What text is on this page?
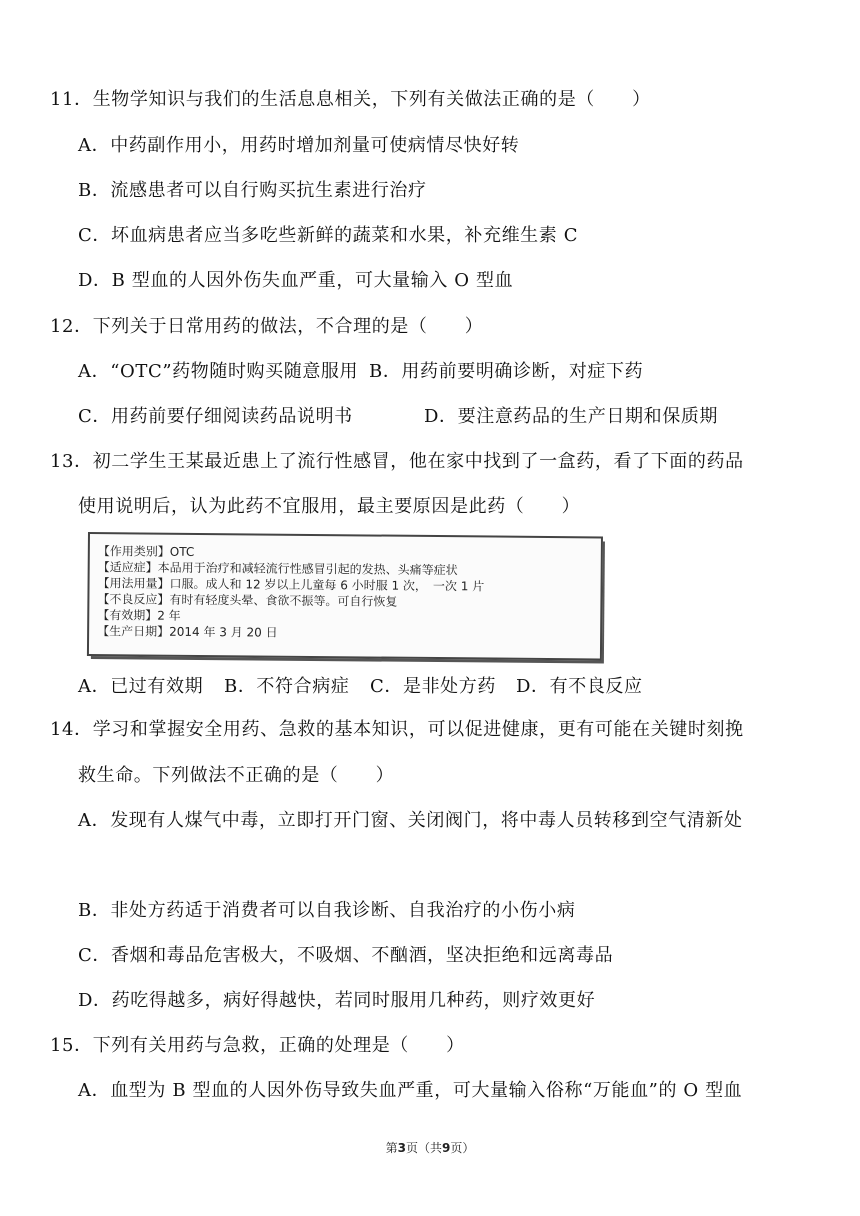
11．生物学知识与我们的生活息息相关，下列有关做法正确的是（　　）
A．中药副作用小，用药时增加剂量可使病情尽快好转
B．流感患者可以自行购买抗生素进行治疗
C．坏血病患者应当多吃些新鲜的蔬菜和水果，补充维生素 C
D．B 型血的人因外伤失血严重，可大量输入 O 型血
12．下列关于日常用药的做法，不合理的是（　　）
A．“OTC”药物随时购买随意服用 B．用药前要明确诊断，对症下药
C．用药前要仔细阅读药品说明书	D．要注意药品的生产日期和保质期
13．初二学生王某最近患上了流行性感冒，他在家中找到了一盒药，看了下面的药品
使用说明后，认为此药不宜服用，最主要原因是此药（　　）
【作用类别】OTC
【适应症】本品用于治疗和减轻流行性感冒引起的发热、头痛等症状
【用法用量】口服。成人和 12 岁以上儿童每 6 小时服 1 次，　一次 1 片
【不良反应】有时有轻度头晕、食欲不振等。可自行恢复
【有效期】2 年
【生产日期】2014 年 3 月 20 日
A．已过有效期 B．不符合病症 C．是非处方药 D．有不良反应
14．学习和掌握安全用药、急救的基本知识，可以促进健康，更有可能在关键时刻挽
救生命。下列做法不正确的是（　　）
A．发现有人煤气中毒，立即打开门窗、关闭阀门，将中毒人员转移到空气清新处
B．非处方药适于消费者可以自我诊断、自我治疗的小伤小病
C．香烟和毒品危害极大，不吸烟、不酗酒，坚决拒绝和远离毒品
D．药吃得越多，病好得越快，若同时服用几种药，则疗效更好
15．下列有关用药与急救，正确的处理是（　　）
A．血型为 B 型血的人因外伤导致失血严重，可大量输入俗称“万能血”的 O 型血
第3页（共9页）
